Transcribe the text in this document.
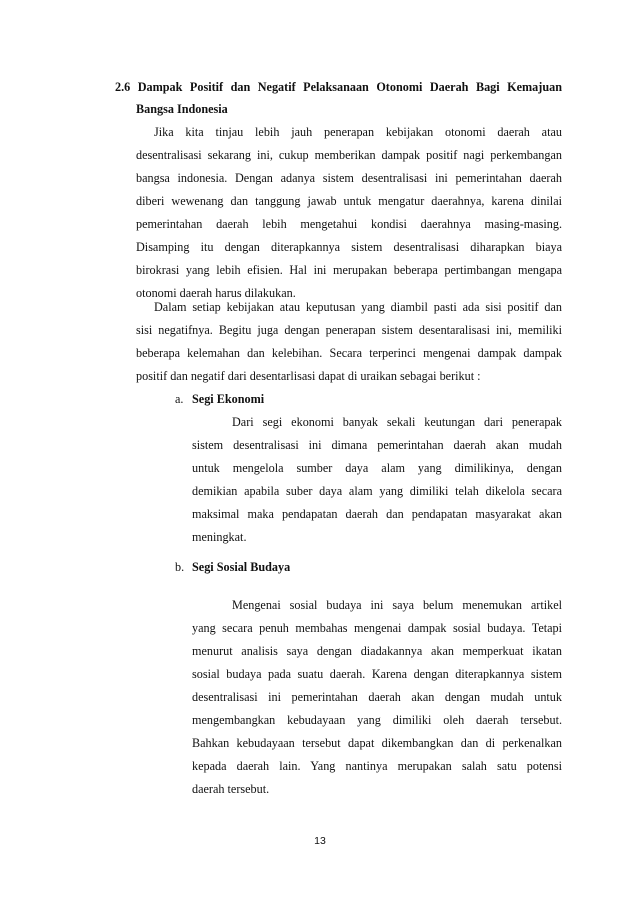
2.6 Dampak Positif dan Negatif Pelaksanaan Otonomi Daerah Bagi Kemajuan

Bangsa Indonesia

Jika kita tinjau lebih jauh penerapan kebijakan otonomi daerah atau

desentralisasi sekarang ini, cukup memberikan dampak positif nagi perkembangan

bangsa indonesia. Dengan adanya sistem desentralisasi ini pemerintahan daerah

diberi wewenang dan tanggung jawab untuk mengatur daerahnya, karena dinilai

pemerintahan daerah lebih mengetahui kondisi daerahnya masing-masing.

Disamping itu dengan diterapkannya sistem desentralisasi diharapkan biaya

birokrasi yang lebih efisien. Hal ini merupakan beberapa pertimbangan mengapa

otonomi daerah harus dilakukan.

Dalam setiap kebijakan atau keputusan yang diambil pasti ada sisi positif dan

sisi negatifnya. Begitu juga dengan penerapan sistem desentaralisasi ini, memiliki

beberapa kelemahan dan kelebihan. Secara terperinci mengenai dampak dampak

positif dan negatif dari desentarlisasi dapat di uraikan sebagai berikut :

a. Segi Ekonomi

Dari segi ekonomi banyak sekali keutungan dari penerapak

sistem desentralisasi ini dimana pemerintahan daerah akan mudah

untuk mengelola sumber daya alam yang dimilikinya, dengan

demikian apabila suber daya alam yang dimiliki telah dikelola secara

maksimal maka pendapatan daerah dan pendapatan masyarakat akan

meningkat.

b. Segi Sosial Budaya

Mengenai sosial budaya ini saya belum menemukan artikel

yang secara penuh membahas mengenai dampak sosial budaya. Tetapi

menurut analisis saya dengan diadakannya akan memperkuat ikatan

sosial budaya pada suatu daerah. Karena dengan diterapkannya sistem

desentralisasi ini pemerintahan daerah akan dengan mudah untuk

mengembangkan kebudayaan yang dimiliki oleh daerah tersebut.

Bahkan kebudayaan tersebut dapat dikembangkan dan di perkenalkan

kepada daerah lain. Yang nantinya merupakan salah satu potensi

daerah tersebut.

13
